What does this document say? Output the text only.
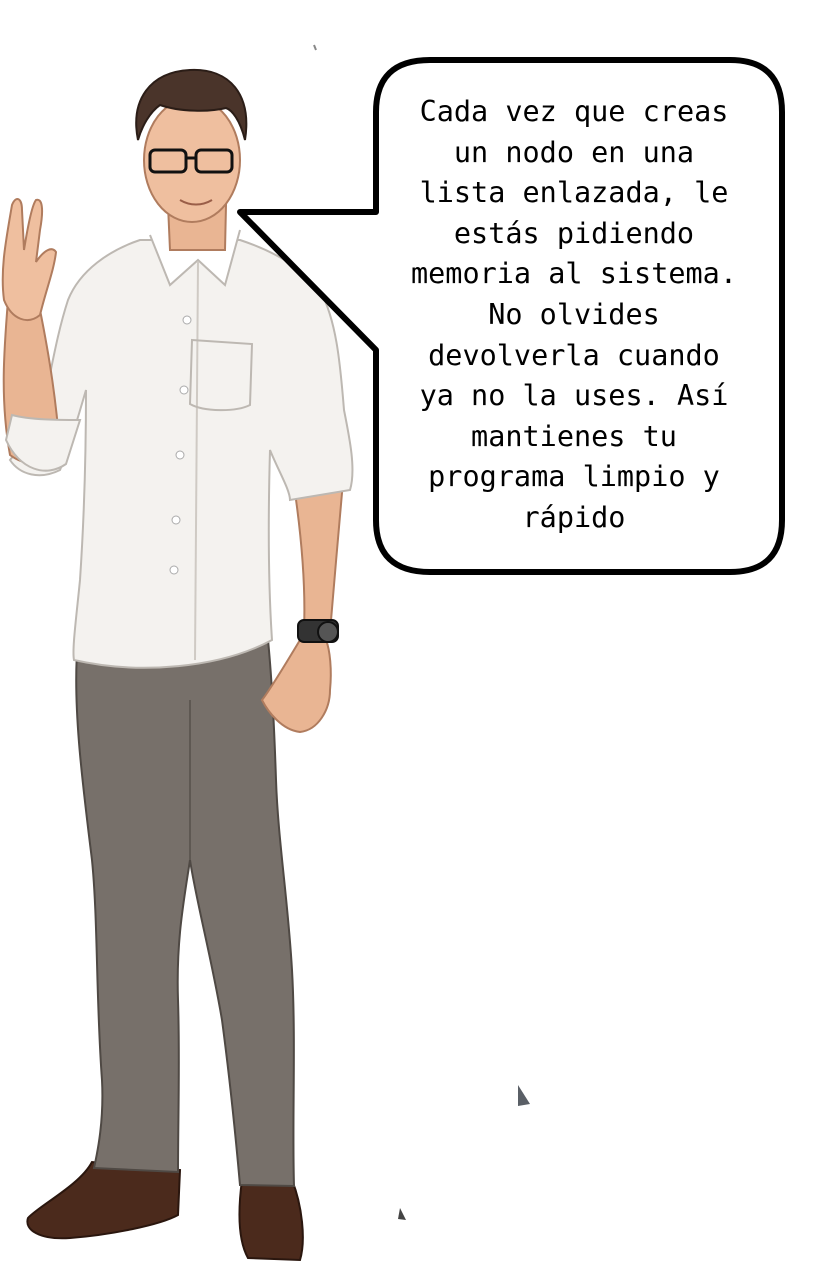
Cada vez que creas
un nodo en una
lista enlazada, le
estás pidiendo
memoria al sistema.
No olvides
devolverla cuando
ya no la uses. Así
mantienes tu
programa limpio y
rápido
